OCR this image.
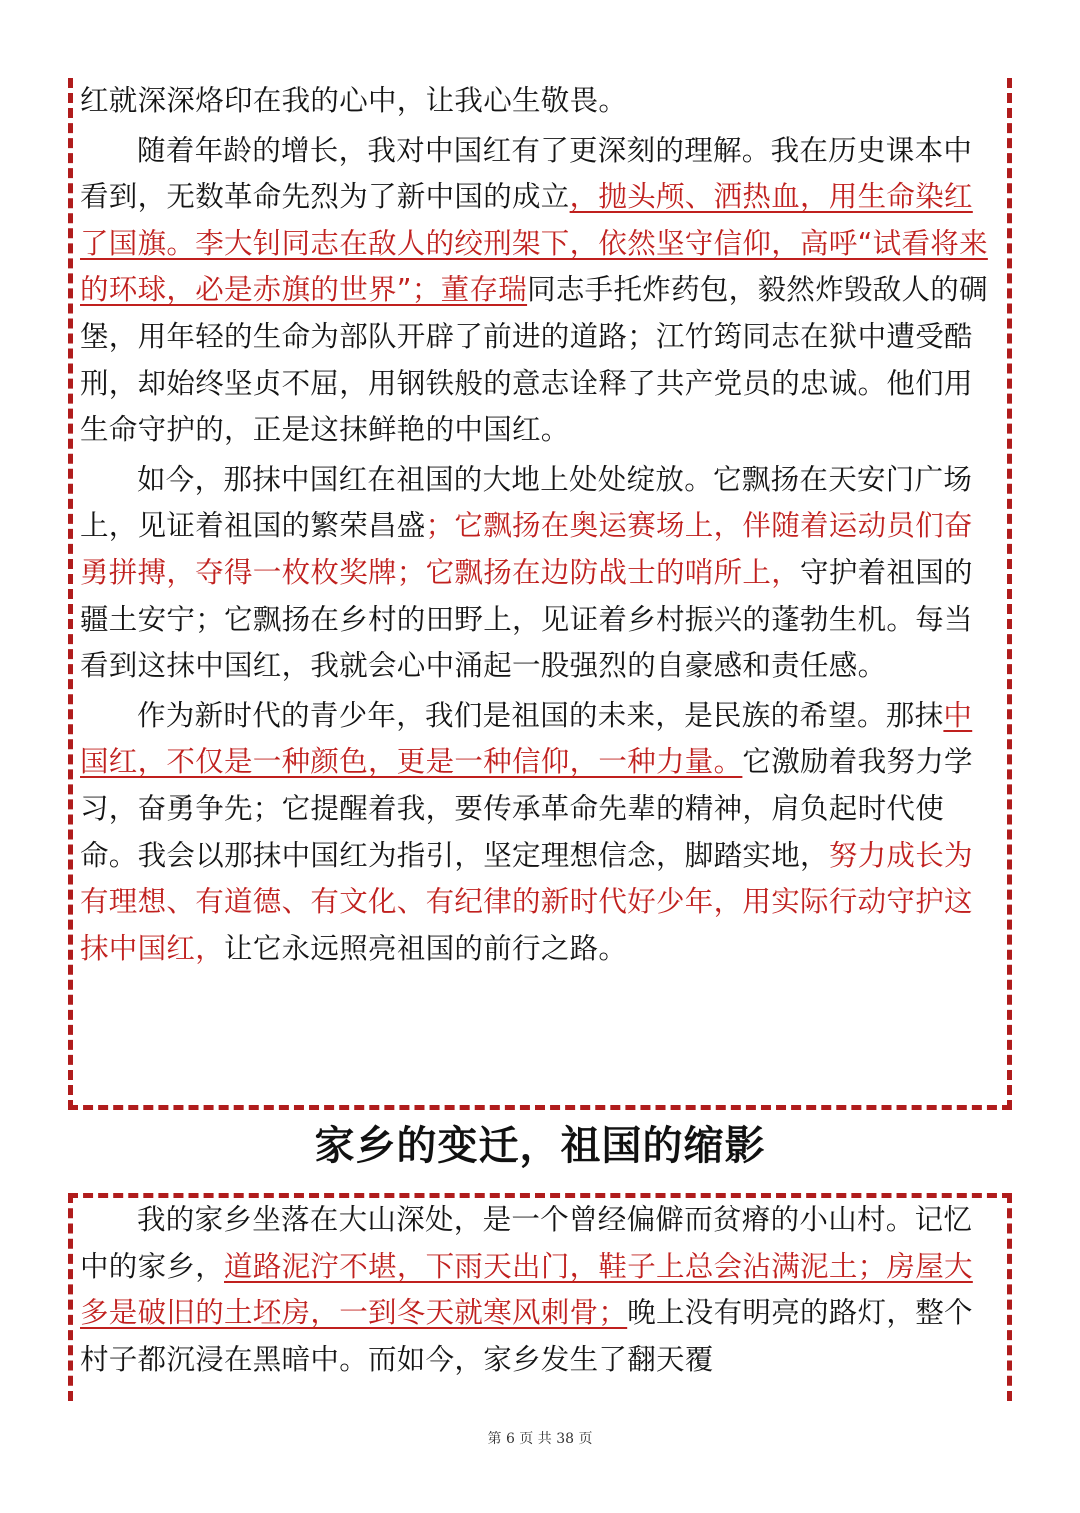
红就深深烙印在我的心中，让我心生敬畏。

随着年龄的增长，我对中国红有了更深刻的理解。我在历史课本中看到，无数革命先烈为了新中国的成立，抛头颅、洒热血，用生命染红了国旗。李大钊同志在敌人的绞刑架下，依然坚守信仰，高呼“试看将来的环球，必是赤旗的世界”；董存瑞同志手托炸药包，毅然炸毁敌人的碉堡，用年轻的生命为部队开辟了前进的道路；江竹筠同志在狱中遭受酷刑，却始终坚贞不屈，用钢铁般的意志诠释了共产党员的忠诚。他们用生命守护的，正是这抹鲜艳的中国红。

如今，那抹中国红在祖国的大地上处处绽放。它飘扬在天安门广场上，见证着祖国的繁荣昌盛；它飘扬在奥运赛场上，伴随着运动员们奋勇拼搏，夺得一枚枚奖牌；它飘扬在边防战士的哨所上，守护着祖国的疆土安宁；它飘扬在乡村的田野上，见证着乡村振兴的蓬勃生机。每当看到这抹中国红，我就会心中涌起一股强烈的自豪感和责任感。

作为新时代的青少年，我们是祖国的未来，是民族的希望。那抹中国红，不仅是一种颜色，更是一种信仰，一种力量。它激励着我努力学习，奋勇争先；它提醒着我，要传承革命先辈的精神，肩负起时代使命。我会以那抹中国红为指引，坚定理想信念，脚踏实地，努力成长为有理想、有道德、有文化、有纪律的新时代好少年，用实际行动守护这抹中国红，让它永远照亮祖国的前行之路。

家乡的变迁，祖国的缩影

我的家乡坐落在大山深处，是一个曾经偏僻而贫瘠的小山村。记忆中的家乡，道路泥泞不堪，下雨天出门，鞋子上总会沾满泥土；房屋大多是破旧的土坯房，一到冬天就寒风刺骨；晚上没有明亮的路灯，整个村子都沉浸在黑暗中。而如今，家乡发生了翻天覆

第 6 页 共 38 页
